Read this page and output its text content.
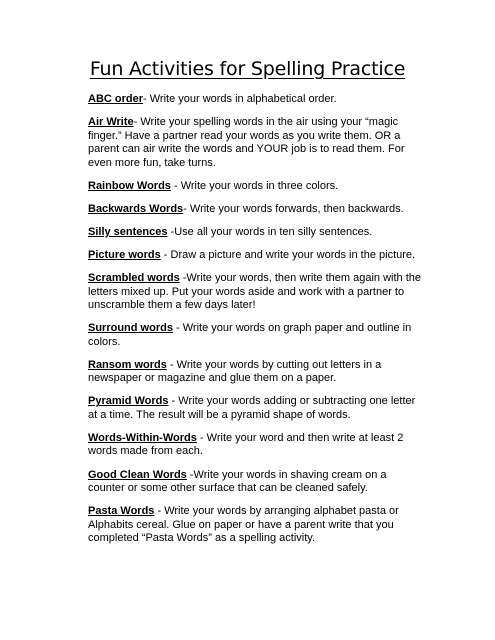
Fun Activities for Spelling Practice

ABC order- Write your words in alphabetical order.

Air Write- Write your spelling words in the air using your “magic finger.” Have a partner read your words as you write them. OR a parent can air write the words and YOUR job is to read them. For even more fun, take turns.

Rainbow Words - Write your words in three colors.

Backwards Words- Write your words forwards, then backwards.

Silly sentences -Use all your words in ten silly sentences.

Picture words - Draw a picture and write your words in the picture.

Scrambled words -Write your words, then write them again with the letters mixed up. Put your words aside and work with a partner to unscramble them a few days later!

Surround words - Write your words on graph paper and outline in colors.

Ransom words - Write your words by cutting out letters in a newspaper or magazine and glue them on a paper.

Pyramid Words - Write your words adding or subtracting one letter at a time. The result will be a pyramid shape of words.

Words-Within-Words - Write your word and then write at least 2 words made from each.

Good Clean Words -Write your words in shaving cream on a counter or some other surface that can be cleaned safely.

Pasta Words - Write your words by arranging alphabet pasta or Alphabits cereal. Glue on paper or have a parent write that you completed “Pasta Words” as a spelling activity.
